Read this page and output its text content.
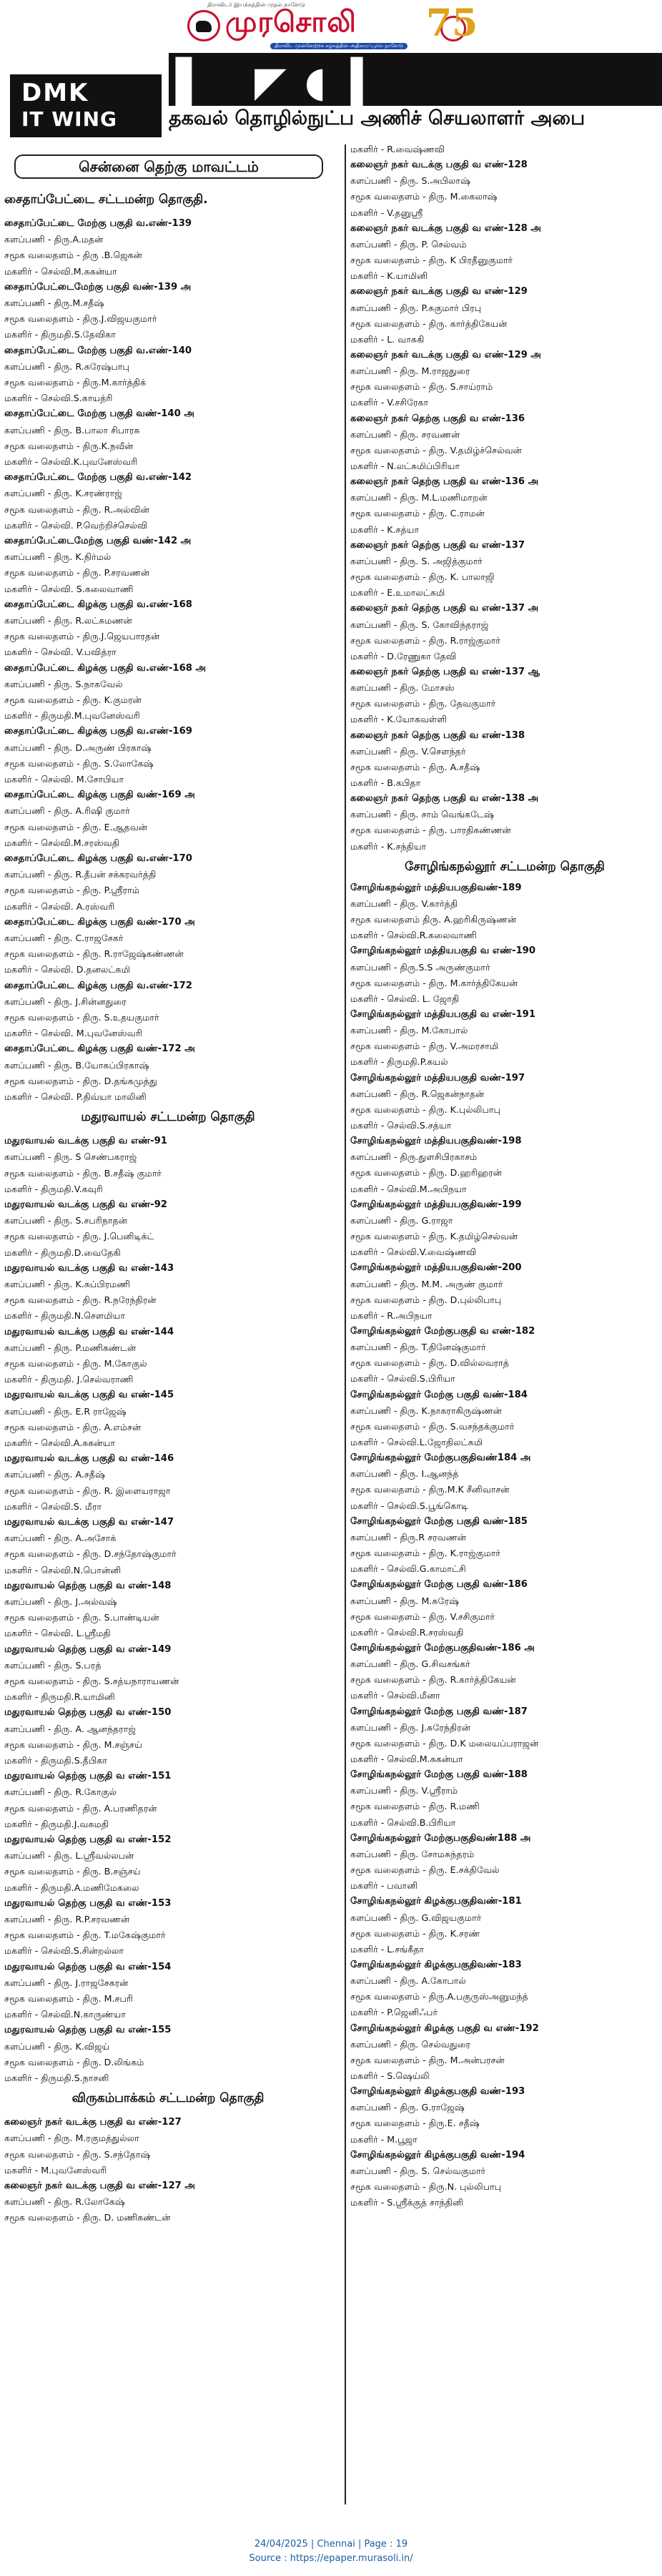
திராவிடர் இயக்கத்தின் முதல் நாளேடு
முரசொலி
திராவிட முன்னேற்றக் கழகத்தின் அதிகாரப்பூர்வ நாளேடு
75
▌ ◤ ◖ ▍
DMK
IT WING	தகவல் தொழில்நுட்ப அணிச் செயலாளர் அபை
சென்னை தெற்கு மாவட்டம்
சைதாப்பேட்டை சட்டமன்ற தொகுதி.
சைதாப்பேட்டை மேற்கு பகுதி வ.எண்-139
களப்பணி - திரு.A.மதன்
சமூக வலைதளம் - திரு .B.ஜெகன்
மகளிர் - செல்வி.M.சுகன்யா
சைதாப்பேட்டைமேற்கு பகுதி வண்-139 அ
களப்பணி - திரு.M.சதீஷ்
சமூக வலைதளம் - திரு.J.விஜயகுமார்
மகளிர் - திருமதி.S.தேவிகா
சைதாப்பேட்டை மேற்கு பகுதி வ.எண்-140
களப்பணி - திரு. R.சுரேஷ்பாபு
சமூக வலைதளம் - திரு.M.கார்த்திக்
மகளிர் - செல்வி.S.காயத்ரி
சைதாப்பேட்டை மேற்கு பகுதி வண்-140 அ
களப்பணி - திரு. B.பாலா சிபாரசு
சமூக வலைதளம் - திரு.K.நவீன்
மகளிர் - செல்வி.K.புவனேஸ்வரி
சைதாப்பேட்டை மேற்கு பகுதி வ.எண்-142
களப்பணி - திரு. K.சரண்ராஜ்
சமூக வலைதளம் - திரு. R.அல்வின்
மகளிர் - செல்வி. P.வெற்றிச்செல்வி
சைதாப்பேட்டைமேற்கு பகுதி வண்-142 அ
களப்பணி - திரு. K.நிர்மல்
சமூக வலைதளம் - திரு. P.சரவணன்
மகளிர் - செல்வி. S.கலைவாணி
சைதாப்பேட்டை கிழக்கு பகுதி வ.எண்-168
களப்பணி - திரு. R.லட்சுமணன்
சமூக வலைதளம் - திரு.J.ஜெயபாரதன்
மகளிர் - செல்வி. V.பவித்ரா
சைதாப்பேட்டை கிழக்கு பகுதி வ.எண்-168 அ
களப்பணி - திரு. S.நாகவேல்
சமூக வலைதளம் - திரு. K.குமரன்
மகளிர் - திருமதி.M.புவனேஸ்வரி
சைதாப்பேட்டை கிழக்கு பகுதி வ.எண்-169
களப்பணி - திரு. D.அருண் பிரகாஷ்
சமூக வலைதளம் - திரு. S.லோகேஷ்
மகளிர் - செல்வி. M.சோபியா
சைதாப்பேட்டை கிழக்கு பகுதி வண்-169 அ
களப்பணி - திரு. A.ரிஷி குமார்
சமூக வலைதளம் - திரு. E.ஆதவன்
மகளிர் - செல்வி.M.சரஸ்வதி
சைதாப்பேட்டை கிழக்கு பகுதி வ.எண்-170
களப்பணி - திரு. R.தீபன் சக்கரவர்த்தி
சமூக வலைதளம் - திரு. P.ஸ்ரீராம்
மகளிர் - செல்வி. A.ரஸ்வரி
சைதாப்பேட்டை கிழக்கு பகுதி வண்-170 அ
களப்பணி - திரு. C.ராஜசேகர்
சமூக வலைதளம் - திரு. R.ராஜேஷ்கண்ணன்
மகளிர் - செல்வி. D.தனலட்சுமி
சைதாப்பேட்டை கிழக்கு பகுதி வ.எண்-172
களப்பணி - திரு. J.சின்னதுரை
சமூக வலைதளம் - திரு. S.உதயகுமார்
மகளிர் - செல்வி. M.புவனேஸ்வரி
சைதாப்பேட்டை கிழக்கு பகுதி வண்-172 அ
களப்பணி - திரு. B.யோகப்பிரகாஷ்
சமூக வலைதளம் - திரு. D.தங்கமுத்து
மகளிர் - செல்வி. P.திவ்யா மாலினி
மதுரவாயல் சட்டமன்ற தொகுதி
மதுரவாயல் வடக்கு பகுதி வ எண்-91
களப்பணி - திரு. S செண்பகராஜ்
சமூக வலைதளம் - திரு. B.சதீஷ் குமார்
மகளிர் - திருமதி.V.கவுரி
மதுரவாயல் வடக்கு பகுதி வ எண்-92
களப்பணி - திரு. S.சபரிநாதன்
சமூக வலைதளம் - திரு. J.பெனிடிக்ட்
மகளிர் - திருமதி.D.வைதேகி
மதுரவாயல் வடக்கு பகுதி வ எண்-143
களப்பணி - திரு. K.சுப்பிரமணி
சமூக வலைதளம் - திரு. R.நரேந்திரன்
மகளிர் - திருமதி.N.செளமியா
மதுரவாயல் வடக்கு பகுதி வ எண்-144
களப்பணி - திரு. P.மணிகண்டன்
சமூக வலைதளம் - திரு. M.கோகுல்
மகளிர் - திருமதி. J.செல்வராணி
மதுரவாயல் வடக்கு பகுதி வ எண்-145
களப்பணி - திரு. E.R ராஜேஷ்
சமூக வலைதளம் - திரு. A.எம்சன்
மகளிர் - செல்வி.A.சுகன்யா
மதுரவாயல் வடக்கு பகுதி வ எண்-146
களப்பணி - திரு. A.சதீஷ்
சமூக வலைதளம் - திரு. R. இளையராஜா
மகளிர் - செல்வி.S. மீரா
மதுரவாயல் வடக்கு பகுதி வ எண்-147
களப்பணி - திரு. A.அசோக்
சமூக வலைதளம் - திரு. D.சந்தோஷ்குமார்
மகளிர் - செல்வி.N.பொன்னி
மதுரவாயல் தெற்கு பகுதி வ எண்-148
களப்பணி - திரு. J.அல்வஷ்
சமூக வலைதளம் - திரு. S.பாண்டியன்
மகளிர் - செல்வி. L.ஸ்ரீமதி
மதுரவாயல் தெற்கு பகுதி வ எண்-149
களப்பணி - திரு. S.பரத்
சமூக வலைதளம் - திரு. S.சத்யநாராயணன்
மகளிர் - திருமதி.R.யாமினி
மதுரவாயல் தெற்கு பகுதி வ எண்-150
களப்பணி - திரு. A. ஆனந்தராஜ்
சமூக வலைதளம் - திரு. M.சஞ்சய்
மகளிர் - திருமதி.S.தீபிகா
மதுரவாயல் தெற்கு பகுதி வ எண்-151
களப்பணி - திரு. R.கோகுல்
சமூக வலைதளம் - திரு. A.பரணிதரன்
மகளிர் - திருமதி.J.வசுமதி
மதுரவாயல் தெற்கு பகுதி வ எண்-152
களப்பணி - திரு. L.ஸ்ரீவல்லபன்
சமூக வலைதளம் - திரு. B.சஞ்சய்
மகளிர் - திருமதி.A.மணிமேகலை
மதுரவாயல் தெற்கு பகுதி வ எண்-153
களப்பணி - திரு. R.P.சரவணன்
சமூக வலைதளம் - திரு. T.மகேஷ்குமார்
மகளிர் - செல்வி.S.சின்றல்லா
மதுரவாயல் தெற்கு பகுதி வ எண்-154
களப்பணி - திரு. J.ராஜசேகரன்
சமூக வலைதளம் - திரு. M.சபரி
மகளிர் - செல்வி.N.காருண்யா
மதுரவாயல் தெற்கு பகுதி வ எண்-155
களப்பணி - திரு. K.விஜய்
சமூக வலைதளம் - திரு. D.லிங்கம்
மகளிர் - திருமதி.S.நாசனி
விருகம்பாக்கம் சட்டமன்ற தொகுதி
கலைஞர் நகர் வடக்கு பகுதி வ எண்-127
களப்பணி - திரு. M.ரகுமத்துல்லா
சமூக வலைதளம் - திரு. S.சந்தோஷ்
மகளிர் - M.புவனேஸ்வரி
கலைஞர் நகர் வடக்கு பகுதி வ எண்-127 அ
களப்பணி - திரு. R.லோகேஷ்
சமூக வலைதளம் - திரு. D. மணிகண்டன்
மகளிர் - R.வைஷ்ணவி
கலைஞர் நகர் வடக்கு பகுதி வ எண்-128
களப்பணி - திரு. S.அபிலாஷ்
சமூக வலைதளம் - திரு. M.கைலாஷ்
மகளிர் - V.தனுஸ்ரீ
கலைஞர் நகர் வடக்கு பகுதி வ எண்-128 அ
களப்பணி - திரு. P. செல்வம்
சமூக வலைதளம் - திரு. K பிரதீனுகுமார்
மகளிர் - K.யாமினி
கலைஞர் நகர் வடக்கு பகுதி வ எண்-129
களப்பணி - திரு. P.சுகுமார் பிரபு
சமூக வலைதளம் - திரு. கார்த்திகேயன்
மகளிர் - L. வாசுகி
கலைஞர் நகர் வடக்கு பகுதி வ எண்-129 அ
களப்பணி - திரு. M.ராஜதுரை
சமூக வலைதளம் - திரு. S.சாய்ராம்
மகளிர் - V.சசிரேகா
கலைஞர் நகர் தெற்கு பகுதி வ எண்-136
களப்பணி - திரு. சரவணன்
சமூக வலைதளம் - திரு. V.தமிழ்ச்செல்வன்
மகளிர் - N.லட்சுமிப்பிரியா
கலைஞர் நகர் தெற்கு பகுதி வ எண்-136 அ
களப்பணி - திரு. M.L.மணிமாறன்
சமூக வலைதளம் - திரு. C.ராமன்
மகளிர் - K.சத்யா
கலைஞர் நகர் தெற்கு பகுதி வ எண்-137
களப்பணி - திரு. S. அஜித்குமார்
சமூக வலைதளம் - திரு. K. பாலாஜி
மகளிர் - E.உமாலட்சுமி
கலைஞர் நகர் தெற்கு பகுதி வ எண்-137 அ
களப்பணி - திரு. S. கோவிந்தராஜ்
சமூக வலைதளம் - திரு. R.ராஜ்குமார்
மகளிர் - D.ரேணுகா தேவி
கலைஞர் நகர் தெற்கு பகுதி வ எண்-137 ஆ
களப்பணி - திரு. மோசஸ்
சமூக வலைதளம் - திரு. தேவகுமார்
மகளிர் - K.யோகவள்ளி
கலைஞர் நகர் தெற்கு பகுதி வ எண்-138
களப்பணி - திரு. V.சௌந்தர்
சமூக வலைதளம் - திரு. A.சதீஷ்
மகளிர் - B.கபிதா
கலைஞர் நகர் தெற்கு பகுதி வ எண்-138 அ
களப்பணி - திரு. சாம் வெங்கடேஷ்
சமூக வலைதளம் - திரு. பாரதிகண்ணன்
மகளிர் - K.சந்தியா
சோழிங்கநல்லூர் சட்டமன்ற தொகுதி
சோழிங்கநல்லூர் மத்தியபகுதிவண்-189
களப்பணி - திரு. V.கார்த்தி
சமூக வலைதளம் திரு. A.ஹரிகிருஷ்ணன்
மகளிர் - செல்வி.R.கலைவாணி
சோழிங்கநல்லூர் மத்தியபகுதி வ எண்-190
களப்பணி - திரு.S.S அருண்குமார்
சமூக வலைதளம் - திரு. M.கார்த்திகேயன்
மகளிர் - செல்வி. L. ஜோதி
சோழிங்கநல்லூர் மத்தியபகுதி வ எண்-191
களப்பணி - திரு. M.கோபால்
சமூக வலைதளம் - திரு. V.அமரசாமி
மகளிர் - திருமதி.P.கயல்
சோழிங்கநல்லூர் மத்தியபகுதி வண்-197
களப்பணி - திரு. R.ஜெகன்நாதன்
சமூக வலைதளம் - திரு. K.புல்லிபாபு
மகளிர் - செல்வி.S.சத்யா
சோழிங்கநல்லூர் மத்தியபகுதிவண்-198
களப்பணி - திரு.துளசிபிரகாசம்
சமூக வலைதளம் - திரு. D.ஹரிஹரன்
மகளிர் - செல்வி.M.அபிநயா
சோழிங்கநல்லூர் மத்தியபகுதிவண்-199
களப்பணி - திரு. G.ராஜா
சமூக வலைதளம் - திரு. K.தமிழ்செல்வன்
மகளிர் - செல்வி.V.வைஷ்ணவி
சோழிங்கநல்லூர் மத்தியபகுதிவண்-200
களப்பணி - திரு. M.M. அருண் குமார்
சமூக வலைதளம் - திரு. D.புல்லிபாபு
மகளிர் - R.அபிநயா
சோழிங்கநல்லூர் மேற்குபகுதி வ எண்-182
களப்பணி - திரு. T.தினேஷ்குமார்
சமூக வலைதளம் - திரு. D.வில்லவராத்
மகளிர் - செல்வி.S.பிரியா
சோழிங்கநல்லூர் மேற்கு பகுதி வண்-184
களப்பணி - திரு. K.நாகராகிருஷ்ணன்
சமூக வலைதளம் - திரு. S.வசந்தக்குமார்
மகளிர் - செல்வி.L.ஜோதிலட்சுமி
சோழிங்கநல்லூர் மேற்குபகுதிவண்184 அ
களப்பணி - திரு. I.ஆனந்த்
சமூக வலைதளம் - திரு.M.K சீனிவாசன்
மகளிர் - செல்வி.S.பூங்கொடி
சோழிங்கநல்லூர் மேற்கு பகுதி வண்-185
களப்பணி - திரு.R சரவணன்
சமூக வலைதளம் - திரு. K.ராஜ்குமார்
மகளிர் - செல்வி.G.காமாட்சி
சோழிங்கநல்லூர் மேற்கு பகுதி வண்-186
களப்பணி - திரு. M.சுரேஷ்
சமூக வலைதளம் - திரு. V.சசிகுமார்
மகளிர் - செல்வி.R.சரஸ்வதி
சோழிங்கநல்லூர் மேற்குபகுதிவண்-186 அ
களப்பணி - திரு. G.சிவசங்கர்
சமூக வலைதளம் - திரு. R.கார்த்திகேயன்
மகளிர் - செல்வி.மீனா
சோழிங்கநல்லூர் மேற்கு பகுதி வண்-187
களப்பணி - திரு. J.சுரேந்திரன்
சமூக வலைதளம் - திரு. D.K மலையப்பராஜன்
மகளிர் - செல்வி.M.சுகன்யா
சோழிங்கநல்லூர் மேற்கு பகுதி வண்-188
களப்பணி - திரு. V.ஸ்ரீராம்
சமூக வலைதளம் - திரு. R.மணி
மகளிர் - செல்வி.B.பிரியா
சோழிங்கநல்லூர் மேற்குபகுதிவண்188 அ
களப்பணி - திரு. சோமசுந்தரம்
சமூக வலைதளம் - திரு. E.சக்திவேல்
மகளிர் - பவானி
சோழிங்கநல்லூர் கிழக்குபகுதிவண்-181
களப்பணி - திரு. G.விஜயகுமார்
சமூக வலைதளம் - திரு. K.சரண்
மகளிர் - L.சங்கீதா
சோழிங்கநல்லூர் கிழக்குபகுதிவண்-183
களப்பணி - திரு. A.கோபால்
சமூக வலைதளம் - திரு.A.பகுருஸ்அனுமந்த்
மகளிர் - P.ஜெனிஃபர்
சோழிங்கநல்லூர் கிழக்கு பகுதி வ எண்-192
களப்பணி - திரு. செல்வதுரை
சமூக வலைதளம் - திரு. M.அன்பரசன்
மகளிர் - S.ஷெய்லி
சோழிங்கநல்லூர் கிழக்குபகுதி வண்-193
களப்பணி - திரு. G.ராஜேஷ்
சமூக வலைதளம் - திரு.E. சதீஷ்
மகளிர் - M.பூஜா
சோழிங்கநல்லூர் கிழக்குபகுதி வண்-194
களப்பணி - திரு. S. செல்வகுமார்
சமூக வலைதளம் - திரு.N. புல்லிபாபு
மகளிர் - S.ஸ்ரீக்குத் சாந்தினி
24/04/2025 | Chennai | Page : 19
Source : https://epaper.murasoli.in/
